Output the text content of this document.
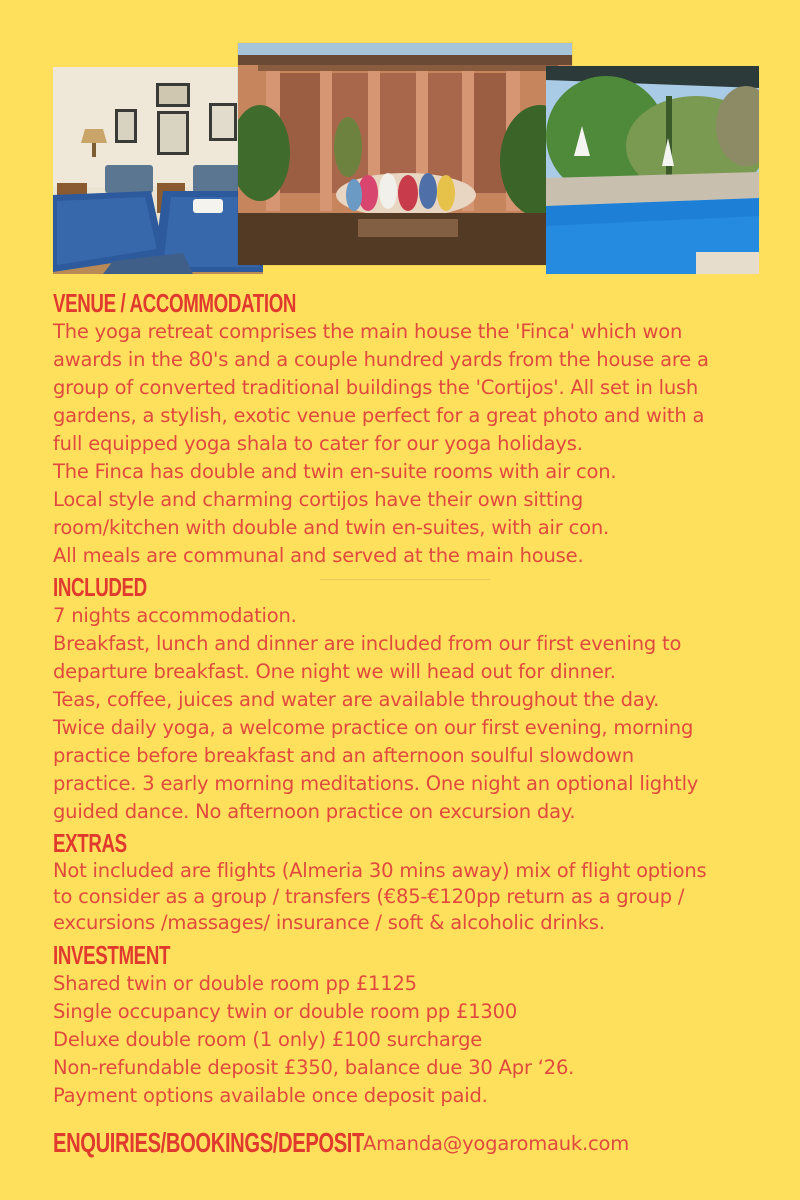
VENUE / ACCOMMODATION

The yoga retreat comprises the main house the 'Finca' which won

awards in the 80's and a couple hundred yards from the house are a

group of converted traditional buildings the 'Cortijos'. All set in lush

gardens, a stylish, exotic venue perfect for a great photo and with a

full equipped yoga shala to cater for our yoga holidays.

The Finca has double and twin en-suite rooms with air con.

Local style and charming cortijos have their own sitting

room/kitchen with double and twin en-suites, with air con.

All meals are communal and served at the main house.

INCLUDED

7 nights accommodation.

Breakfast, lunch and dinner are included from our first evening to

departure breakfast. One night we will head out for dinner.

Teas, coffee, juices and water are available throughout the day.

Twice daily yoga, a welcome practice on our first evening, morning

practice before breakfast and an afternoon soulful slowdown

practice. 3 early morning meditations. One night an optional lightly

guided dance. No afternoon practice on excursion day.

EXTRAS

Not included are flights (Almeria 30 mins away) mix of flight options

to consider as a group / transfers (€85-€120pp return as a group /

excursions /massages/ insurance / soft & alcoholic drinks.

INVESTMENT

Shared twin or double room pp £1125

Single occupancy twin or double room pp £1300

Deluxe double room (1 only) £100 surcharge

Non-refundable deposit £350, balance due 30 Apr ‘26.

Payment options available once deposit paid.

ENQUIRIES/BOOKINGS/DEPOSIT
Amanda@yogaromauk.com
